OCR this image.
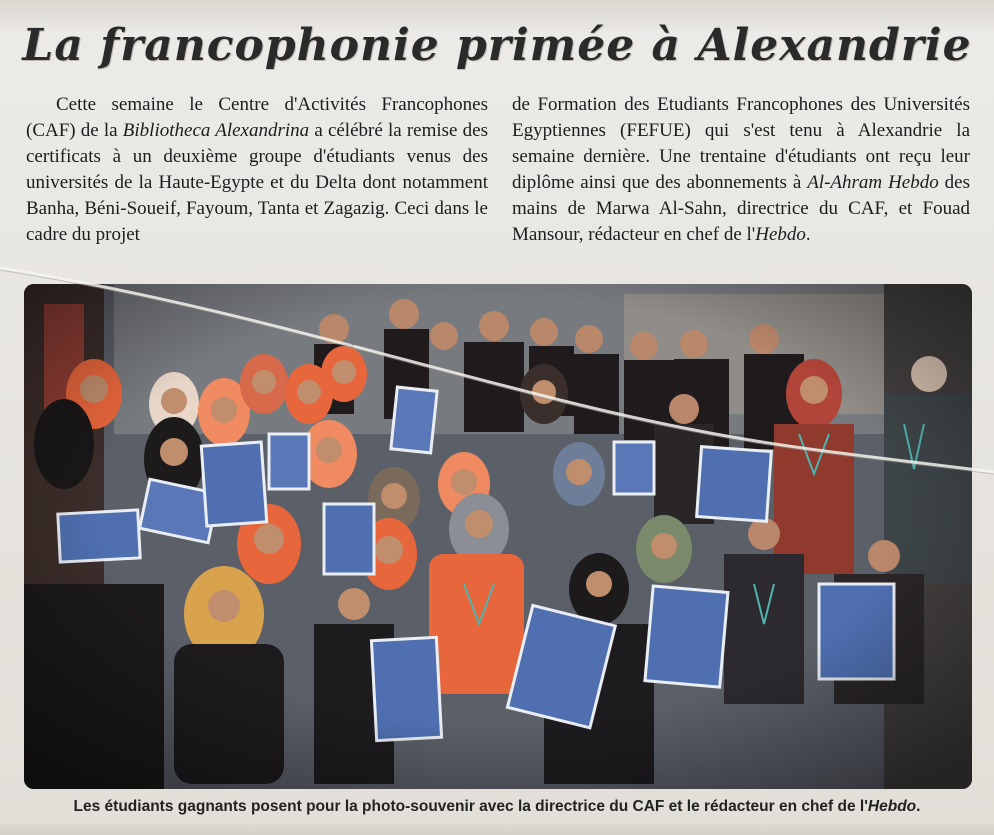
La francophonie primée à Alexandrie

Cette semaine le Centre d'Activités Francophones (CAF) de la Bibliotheca Alexandrina a célébré la remise des certificats à un deuxième groupe d'étudiants venus des universités de la Haute-Egypte et du Delta dont notamment Banha, Béni-Soueif, Fayoum, Tanta et Zagazig. Ceci dans le cadre du projet

de Formation des Etudiants Francophones des Universités Egyptiennes (FEFUE) qui s'est tenu à Alexandrie la semaine dernière. Une trentaine d'étudiants ont reçu leur diplôme ainsi que des abonnements à Al-Ahram Hebdo des mains de Marwa Al-Sahn, directrice du CAF, et Fouad Mansour, rédacteur en chef de l'Hebdo.

Les étudiants gagnants posent pour la photo-souvenir avec la directrice du CAF et le rédacteur en chef de l'Hebdo.
